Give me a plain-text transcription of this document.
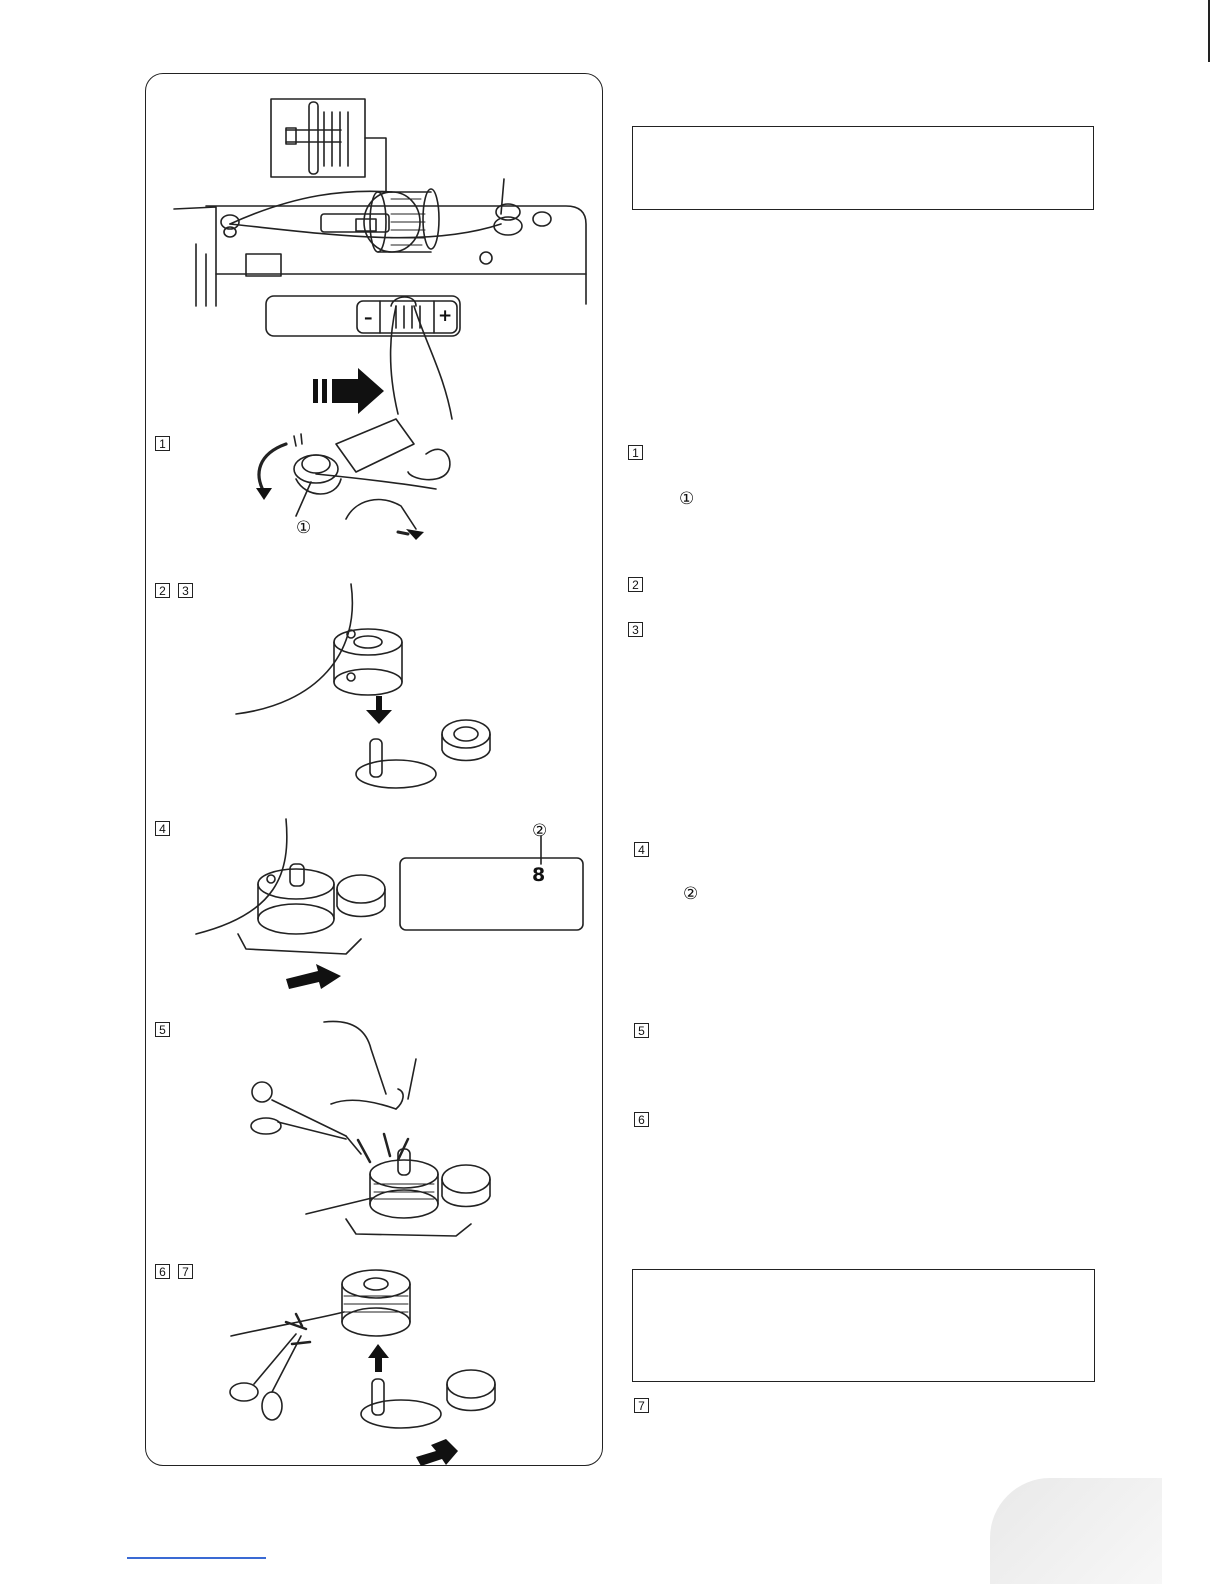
①
8
②
1
2	3
4
5
6	7
–	+
1
①
2
3
4
②
5
6
7
